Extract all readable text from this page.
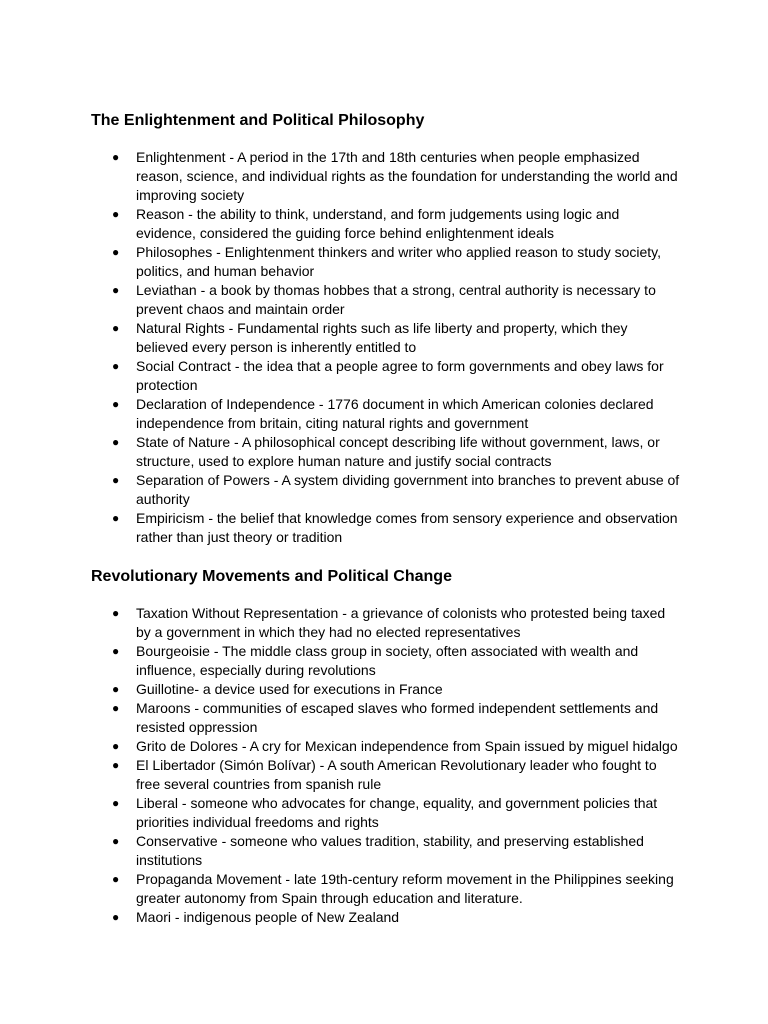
The Enlightenment and Political Philosophy
● Enlightenment - A period in the 17th and 18th centuries when people emphasized reason, science, and individual rights as the foundation for understanding the world and improving society
● Reason - the ability to think, understand, and form judgements using logic and evidence, considered the guiding force behind enlightenment ideals
● Philosophes - Enlightenment thinkers and writer who applied reason to study society, politics, and human behavior
● Leviathan - a book by thomas hobbes that a strong, central authority is necessary to prevent chaos and maintain order
● Natural Rights - Fundamental rights such as life liberty and property, which they believed every person is inherently entitled to
● Social Contract - the idea that a people agree to form governments and obey laws for protection
● Declaration of Independence - 1776 document in which American colonies declared independence from britain, citing natural rights and government
● State of Nature - A philosophical concept describing life without government, laws, or structure, used to explore human nature and justify social contracts
● Separation of Powers - A system dividing government into branches to prevent abuse of authority
● Empiricism - the belief that knowledge comes from sensory experience and observation rather than just theory or tradition
Revolutionary Movements and Political Change
● Taxation Without Representation - a grievance of colonists who protested being taxed by a government in which they had no elected representatives
● Bourgeoisie - The middle class group in society, often associated with wealth and influence, especially during revolutions
● Guillotine- a device used for executions in France
● Maroons - communities of escaped slaves who formed independent settlements and resisted oppression
● Grito de Dolores - A cry for Mexican independence from Spain issued by miguel hidalgo
● El Libertador (Simón Bolívar) - A south American Revolutionary leader who fought to free several countries from spanish rule
● Liberal - someone who advocates for change, equality, and government policies that priorities individual freedoms and rights
● Conservative - someone who values tradition, stability, and preserving established institutions
● Propaganda Movement - late 19th-century reform movement in the Philippines seeking greater autonomy from Spain through education and literature.
● Maori - indigenous people of New Zealand
